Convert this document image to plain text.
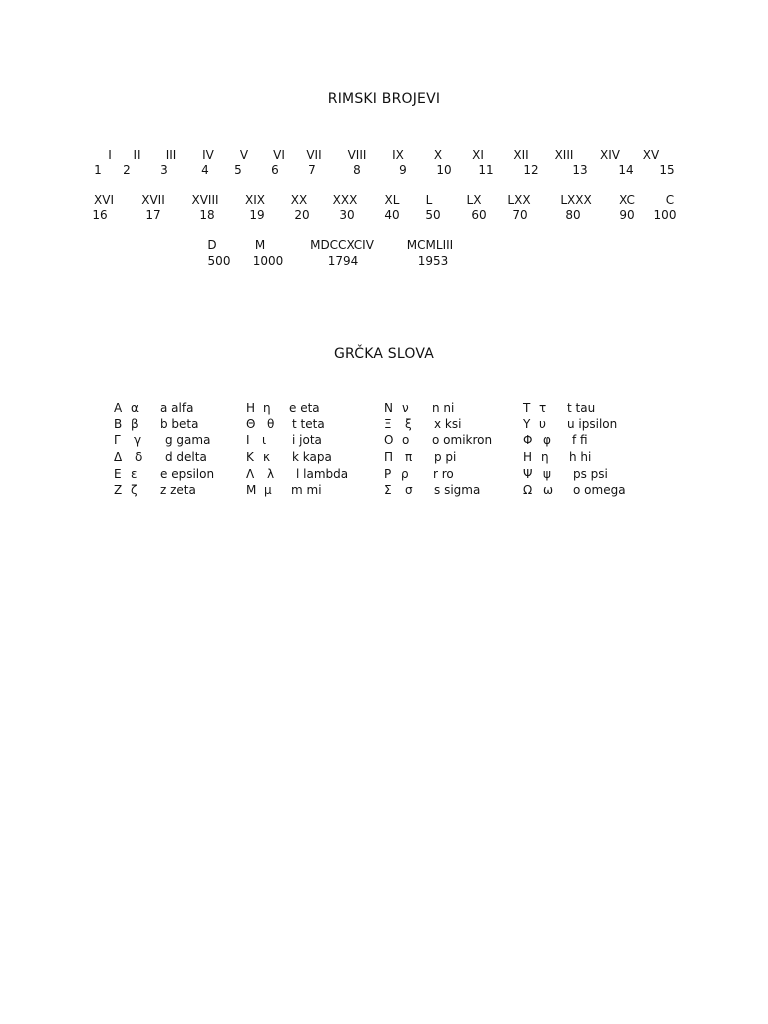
RIMSKI BROJEVI
I II III IV V VI VII VIII IX	X	XI XII XIII XIV XV
1 2 3	4 5 6 7	8	9 10 11 12	13	14 15
XVI XVII XVIII XIX XX XXX XL L	LX LXX LXXX XC	C
16	17	18	19 20 30 40 50	60 70	80	90 100
D	M	MDCCXCIV	MCMLIII
500 1000	1794	1953
GRČKA SLOVA
A α a alfa
B β b beta
Γ γ g gama
Δ δ d delta
E ε e epsilon
Z ζ z zeta
H η e eta
Θ θ t teta
I ι i jota
K κ k kapa
Λ λ l lambda
M μ m mi
N ν n ni
Ξ ξ x ksi
O ο o omikron
Π π p pi
P ρ r ro
Σ σ s sigma
T τ t tau
Y υ u ipsilon
Φ φ f fi
H η h hi
Ψ ψ ps psi
Ω ω o omega
